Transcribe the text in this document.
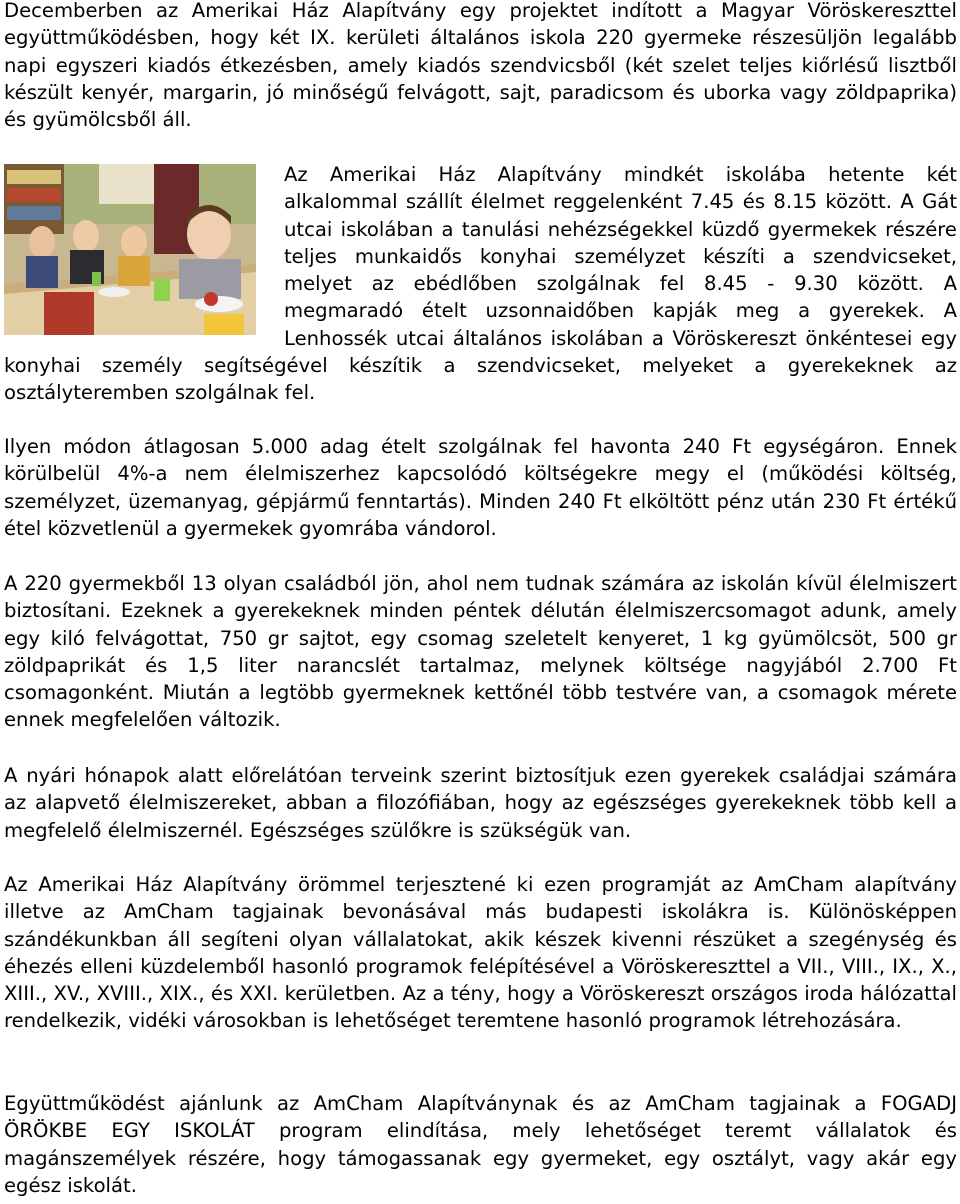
Decemberben az Amerikai Ház Alapítvány egy projektet indított a Magyar Vöröskereszttel együttműködésben, hogy két IX. kerületi általános iskola 220 gyermeke részesüljön legalább napi egyszeri kiadós étkezésben, amely kiadós szendvicsből (két szelet teljes kiőrlésű lisztből készült kenyér, margarin, jó minőségű felvágott, sajt, paradicsom és uborka vagy zöldpaprika) és gyümölcsből áll.

Az Amerikai Ház Alapítvány mindkét iskolába hetente két alkalommal szállít élelmet reggelenként 7.45 és 8.15 között. A Gát utcai iskolában a tanulási nehézségekkel küzdő gyermekek részére teljes munkaidős konyhai személyzet készíti a szendvicseket, melyet az ebédlőben szolgálnak fel 8.45 - 9.30 között. A megmaradó ételt uzsonnaidőben kapják meg a gyerekek. A Lenhossék utcai általános iskolában a Vöröskereszt önkéntesei egy konyhai személy segítségével készítik a szendvicseket, melyeket a gyerekeknek az osztályteremben szolgálnak fel.

Ilyen módon átlagosan 5.000 adag ételt szolgálnak fel havonta 240 Ft egységáron. Ennek körülbelül 4%-a nem élelmiszerhez kapcsolódó költségekre megy el (működési költség, személyzet, üzemanyag, gépjármű fenntartás). Minden 240 Ft elköltött pénz után 230 Ft értékű étel közvetlenül a gyermekek gyomrába vándorol.

A 220 gyermekből 13 olyan családból jön, ahol nem tudnak számára az iskolán kívül élelmiszert biztosítani. Ezeknek a gyerekeknek minden péntek délután élelmiszercsomagot adunk, amely egy kiló felvágottat, 750 gr sajtot, egy csomag szeletelt kenyeret, 1 kg gyümölcsöt, 500 gr zöldpaprikát és 1,5 liter narancslét tartalmaz, melynek költsége nagyjából 2.700 Ft csomagonként. Miután a legtöbb gyermeknek kettőnél több testvére van, a csomagok mérete ennek megfelelően változik.

A nyári hónapok alatt előrelátóan terveink szerint biztosítjuk ezen gyerekek családjai számára az alapvető élelmiszereket, abban a filozófiában, hogy az egészséges gyerekeknek több kell a megfelelő élelmiszernél. Egészséges szülőkre is szükségük van.

Az Amerikai Ház Alapítvány örömmel terjesztené ki ezen programját az AmCham alapítvány illetve az AmCham tagjainak bevonásával más budapesti iskolákra is. Különösképpen szándékunkban áll segíteni olyan vállalatokat, akik készek kivenni részüket a szegénység és éhezés elleni küzdelemből hasonló programok felépítésével a Vöröskereszttel a VII., VIII., IX., X., XIII., XV., XVIII., XIX., és XXI. kerületben. Az a tény, hogy a Vöröskereszt országos iroda hálózattal rendelkezik, vidéki városokban is lehetőséget teremtene hasonló programok létrehozására.

Együttműködést ajánlunk az AmCham Alapítványnak és az AmCham tagjainak a FOGADJ ÖRÖKBE EGY ISKOLÁT program elindítása, mely lehetőséget teremt vállalatok és magánszemélyek részére, hogy támogassanak egy gyermeket, egy osztályt, vagy akár egy egész iskolát.
